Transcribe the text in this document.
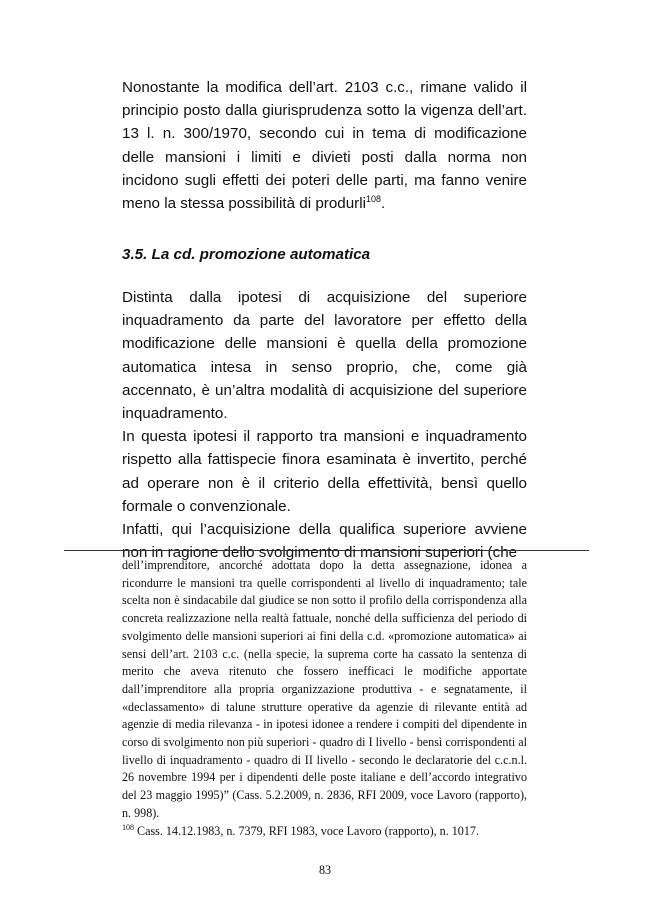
Nonostante la modifica dell’art. 2103 c.c., rimane valido il principio posto dalla giurisprudenza sotto la vigenza dell’art. 13 l. n. 300/1970, secondo cui in tema di modificazione delle mansioni i limiti e divieti posti dalla norma non incidono sugli effetti dei poteri delle parti, ma fanno venire meno la stessa possibilità di produrli$^{108}$.

3.5. La cd. promozione automatica

Distinta dalla ipotesi di acquisizione del superiore inquadramento da parte del lavoratore per effetto della modificazione delle mansioni è quella della promozione automatica intesa in senso proprio, che, come già accennato, è un’altra modalità di acquisizione del superiore inquadramento.

In questa ipotesi il rapporto tra mansioni e inquadramento rispetto alla fattispecie finora esaminata è invertito, perché ad operare non è il criterio della effettività, bensì quello formale o convenzionale.

Infatti, qui l’acquisizione della qualifica superiore avviene non in ragione dello svolgimento di mansioni superiori (che

dell’imprenditore, ancorché adottata dopo la detta assegnazione, idonea a ricondurre le mansioni tra quelle corrispondenti al livello di inquadramento; tale scelta non è sindacabile dal giudice se non sotto il profilo della corrispondenza alla concreta realizzazione nella realtà fattuale, nonché della sufficienza del periodo di svolgimento delle mansioni superiori ai fini della c.d. «promozione automatica» ai sensi dell’art. 2103 c.c. (nella specie, la suprema corte ha cassato la sentenza di merito che aveva ritenuto che fossero inefficaci le modifiche apportate dall’imprenditore alla propria organizzazione produttiva - e segnatamente, il «declassamento» di talune strutture operative da agenzie di rilevante entità ad agenzie di media rilevanza - in ipotesi idonee a rendere i compiti del dipendente in corso di svolgimento non più superiori - quadro di I livello - bensì corrispondenti al livello di inquadramento - quadro di II livello - secondo le declaratorie del c.c.n.l. 26 novembre 1994 per i dipendenti delle poste italiane e dell’accordo integrativo del 23 maggio 1995)” (Cass. 5.2.2009, n. 2836, RFI 2009, voce Lavoro (rapporto), n. 998).

$^{108}$ Cass. 14.12.1983, n. 7379, RFI 1983, voce Lavoro (rapporto), n. 1017.

83
